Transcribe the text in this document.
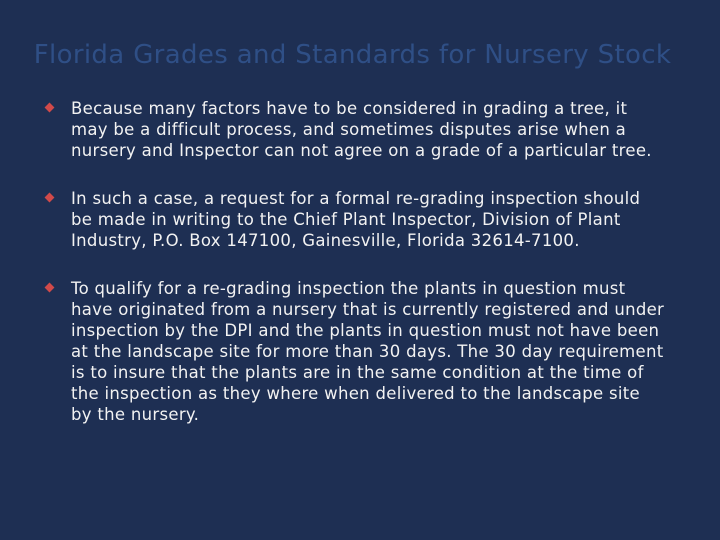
Florida Grades and Standards for Nursery Stock
Because many factors have to be considered in grading a tree, it may be a difficult process, and sometimes disputes arise when a nursery and Inspector can not agree on a grade of a particular tree.
In such a case, a request for a formal re-grading inspection should be made in writing to the Chief Plant Inspector, Division of Plant Industry, P.O. Box 147100, Gainesville, Florida 32614-7100.
To qualify for a re-grading inspection the plants in question must have originated from a nursery that is currently registered and under inspection by the DPI and the plants in question must not have been at the landscape site for more than 30 days. The 30 day requirement is to insure that the plants are in the same condition at the time of the inspection as they where when delivered to the landscape site by the nursery.
